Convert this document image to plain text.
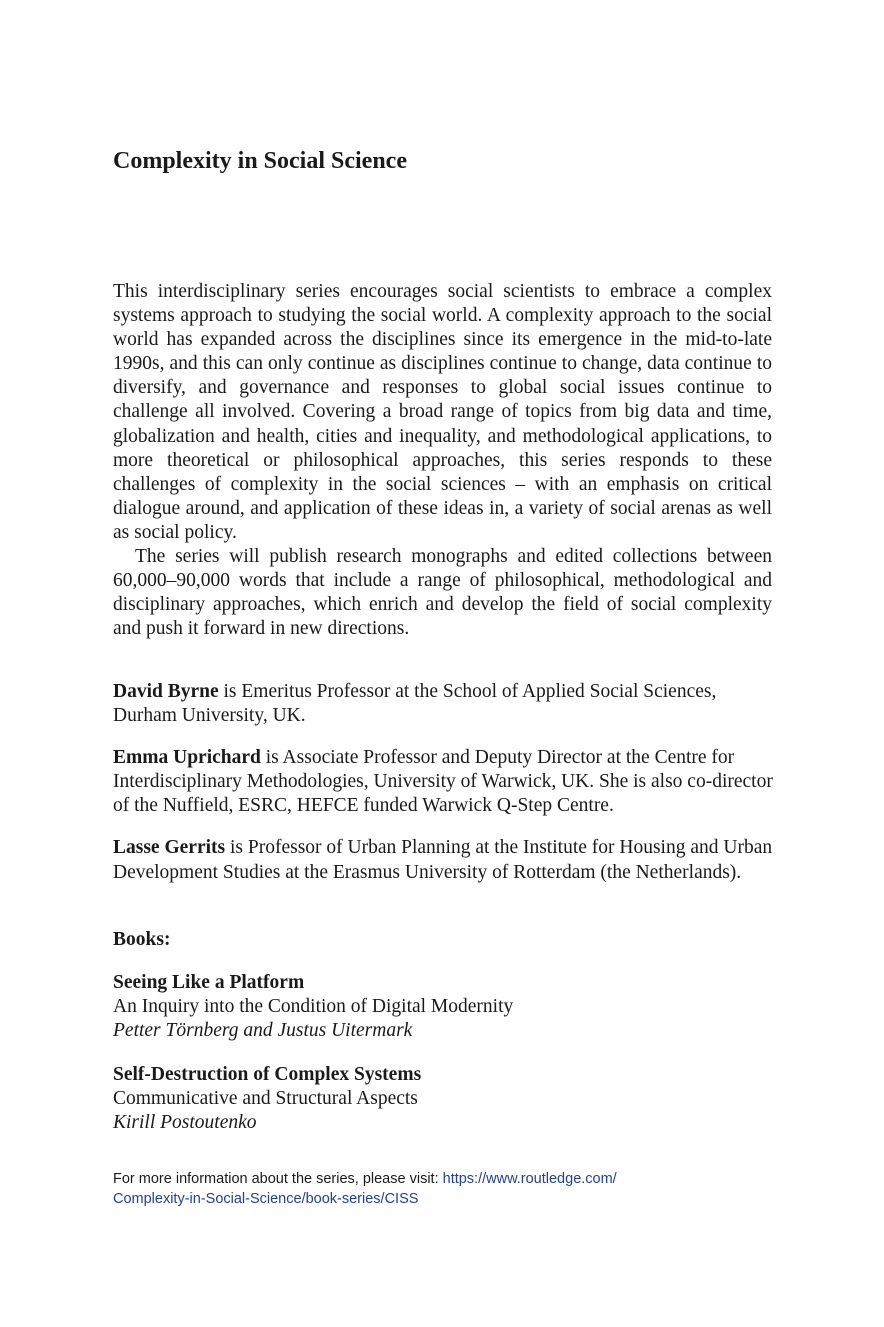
Complexity in Social Science

This interdisciplinary series encourages social scientists to embrace a complex systems approach to studying the social world. A complexity approach to the social world has expanded across the disciplines since its emergence in the mid-to-late 1990s, and this can only continue as disciplines continue to change, data continue to diversify, and governance and responses to global social issues continue to challenge all involved. Covering a broad range of topics from big data and time, globalization and health, cities and inequality, and methodological applications, to more theoretical or philosophical approaches, this series responds to these challenges of complexity in the social sciences – with an emphasis on critical dialogue around, and application of these ideas in, a variety of social arenas as well as social policy.

The series will publish research monographs and edited collections between 60,000–90,000 words that include a range of philosophical, methodological and disciplinary approaches, which enrich and develop the field of social complexity and push it forward in new directions.

David Byrne is Emeritus Professor at the School of Applied Social Sciences, Durham University, UK.

Emma Uprichard is Associate Professor and Deputy Director at the Centre for Interdisciplinary Methodologies, University of Warwick, UK. She is also co-director of the Nuffield, ESRC, HEFCE funded Warwick Q-Step Centre.

Lasse Gerrits is Professor of Urban Planning at the Institute for Housing and Urban Development Studies at the Erasmus University of Rotterdam (the Netherlands).

Books:
Seeing Like a Platform
An Inquiry into the Condition of Digital Modernity
Petter Törnberg and Justus Uitermark
Self-Destruction of Complex Systems
Communicative and Structural Aspects
Kirill Postoutenko
For more information about the series, please visit: https://www.routledge.com/
Complexity-in-Social-Science/book-series/CISS
